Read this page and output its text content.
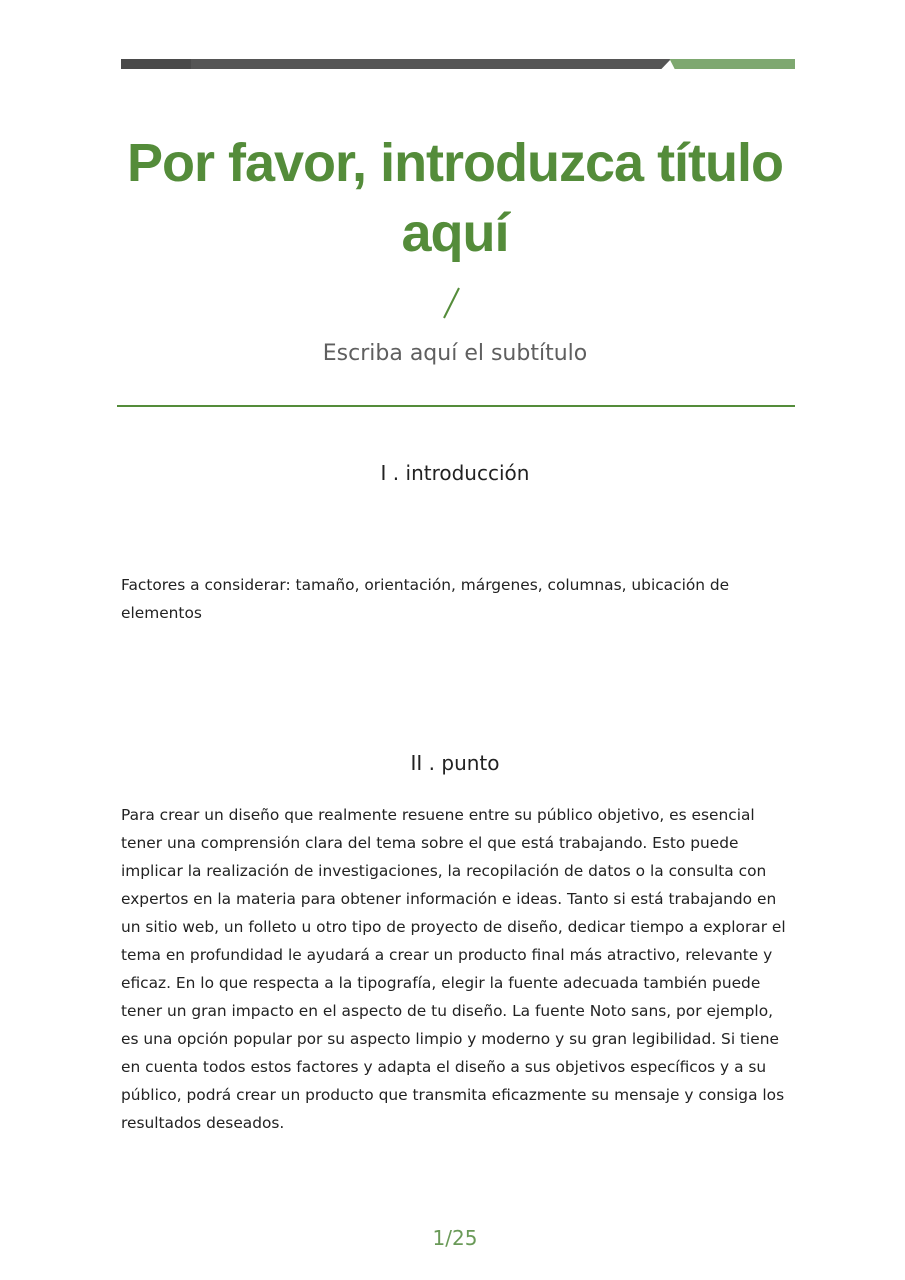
Por favor, introduzca título aquí
Escriba aquí el subtítulo
I . introducción
Factores a considerar: tamaño, orientación, márgenes, columnas, ubicación de elementos
II . punto
Para crear un diseño que realmente resuene entre su público objetivo, es esencial tener una comprensión clara del tema sobre el que está trabajando. Esto puede implicar la realización de investigaciones, la recopilación de datos o la consulta con expertos en la materia para obtener información e ideas. Tanto si está trabajando en un sitio web, un folleto u otro tipo de proyecto de diseño, dedicar tiempo a explorar el tema en profundidad le ayudará a crear un producto final más atractivo, relevante y eficaz. En lo que respecta a la tipografía, elegir la fuente adecuada también puede tener un gran impacto en el aspecto de tu diseño. La fuente Noto sans, por ejemplo, es una opción popular por su aspecto limpio y moderno y su gran legibilidad. Si tiene en cuenta todos estos factores y adapta el diseño a sus objetivos específicos y a su público, podrá crear un producto que transmita eficazmente su mensaje y consiga los resultados deseados.
1/25
